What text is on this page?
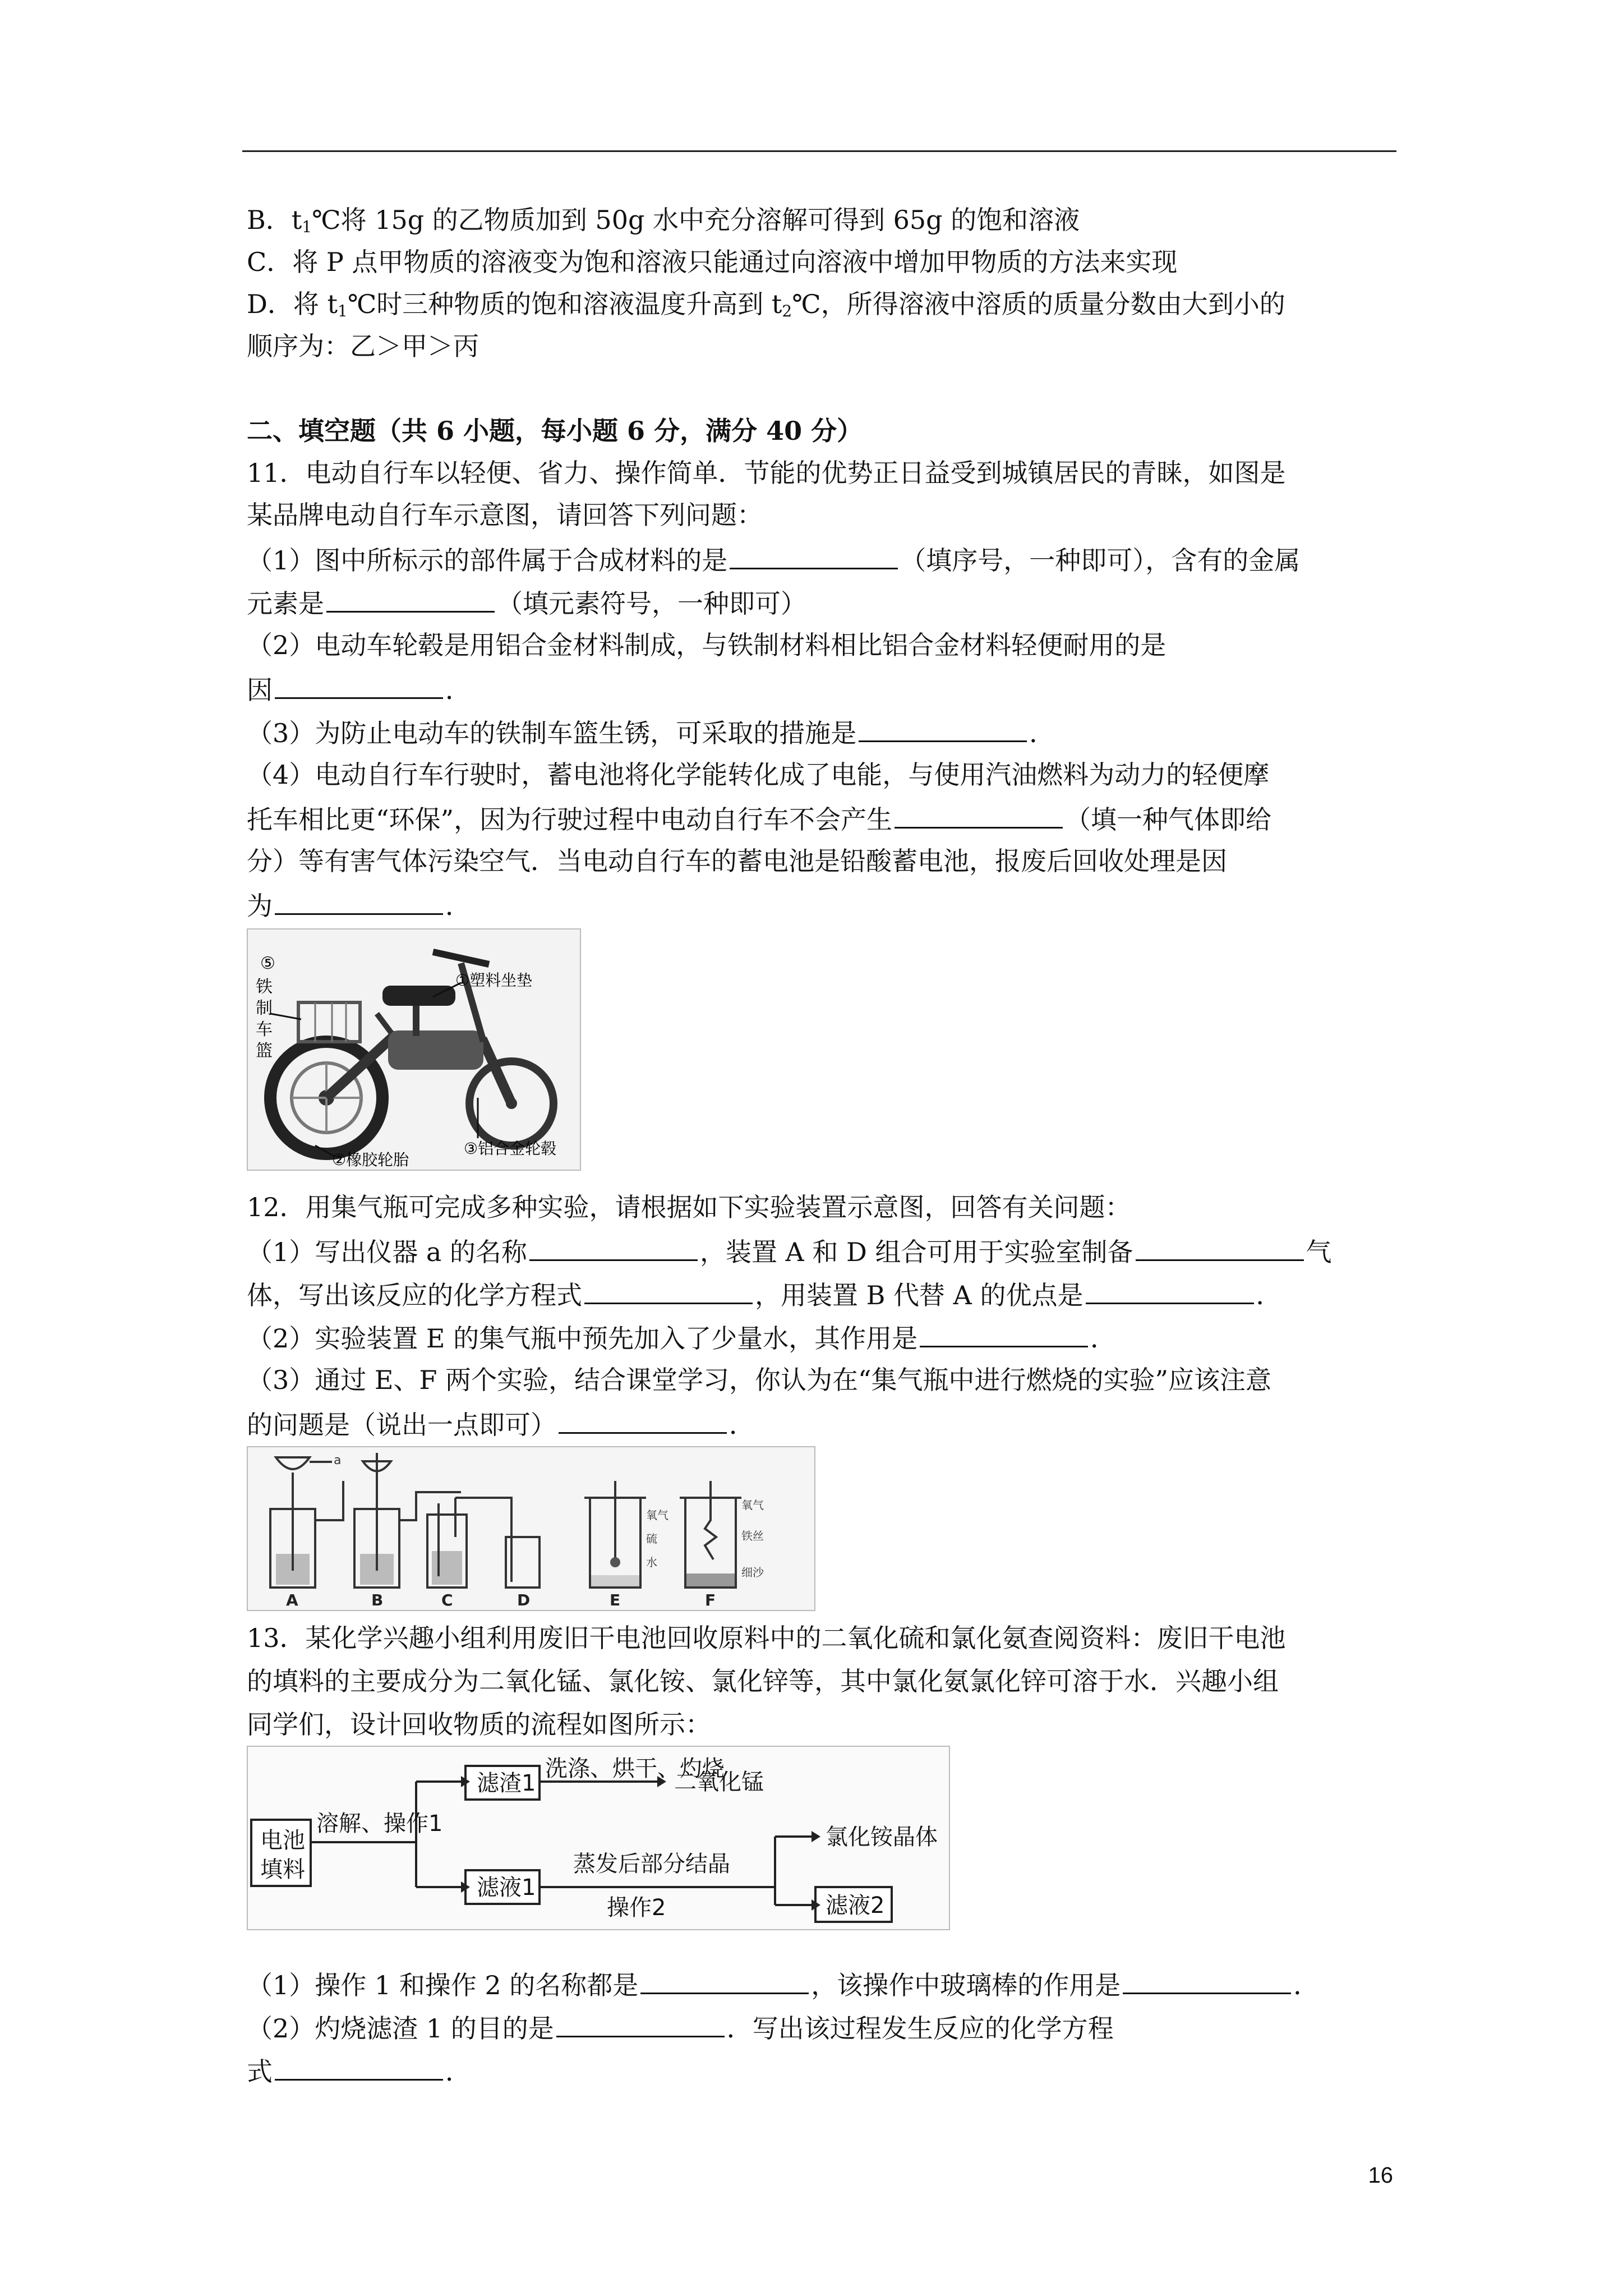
B．$t_1℃$将 15g 的乙物质加到 50g 水中充分溶解可得到 65g 的饱和溶液
C．将 P 点甲物质的溶液变为饱和溶液只能通过向溶液中增加甲物质的方法来实现
D．将 $t_1℃$时三种物质的饱和溶液温度升高到 $t_2℃$，所得溶液中溶质的质量分数由大到小的
顺序为：乙＞甲＞丙
二、填空题（共 6 小题，每小题 6 分，满分 40 分）
11．电动自行车以轻便、省力、操作简单．节能的优势正日益受到城镇居民的青睐，如图是
某品牌电动自行车示意图，请回答下列问题：
（1）图中所标示的部件属于合成材料的是	（填序号，一种即可），含有的金属
元素是	（填元素符号，一种即可）
（2）电动车轮毂是用铝合金材料制成，与铁制材料相比铝合金材料轻便耐用的是
因	．
（3）为防止电动车的铁制车篮生锈，可采取的措施是	．
（4）电动自行车行驶时，蓄电池将化学能转化成了电能，与使用汽油燃料为动力的轻便摩
托车相比更“环保”，因为行驶过程中电动自行车不会产生	（填一种气体即给
分）等有害气体污染空气．当电动自行车的蓄电池是铅酸蓄电池，报废后回收处理是因
为	．
⑤
铁
制
车
篮
①塑料坐垫
②橡胶轮胎
③铝合金轮毂
12．用集气瓶可完成多种实验，请根据如下实验装置示意图，回答有关问题：
（1）写出仪器 a 的名称	，装置 A 和 D 组合可用于实验室制备	气
体，写出该反应的化学方程式	，用装置 B 代替 A 的优点是	．
（2）实验装置 E 的集气瓶中预先加入了少量水，其作用是	．
（3）通过 E、F 两个实验，结合课堂学习，你认为在“集气瓶中进行燃烧的实验”应该注意
的问题是（说出一点即可）	．
a
氧气
硫
水
氧气
铁丝
细沙
A	B	C	D	E	F
13．某化学兴趣小组利用废旧干电池回收原料中的二氧化硫和氯化氨查阅资料：废旧干电池
的填料的主要成分为二氧化锰、氯化铵、氯化锌等，其中氯化氨氯化锌可溶于水．兴趣小组
同学们，设计回收物质的流程如图所示：
电池
填料
溶解、操作1
滤渣1
洗涤、烘干、灼烧
二氧化锰
滤液1
蒸发后部分结晶
操作2
氯化铵晶体
滤液2
（1）操作 1 和操作 2 的名称都是	，该操作中玻璃棒的作用是	．
（2）灼烧滤渣 1 的目的是	．写出该过程发生反应的化学方程
式	．
16
